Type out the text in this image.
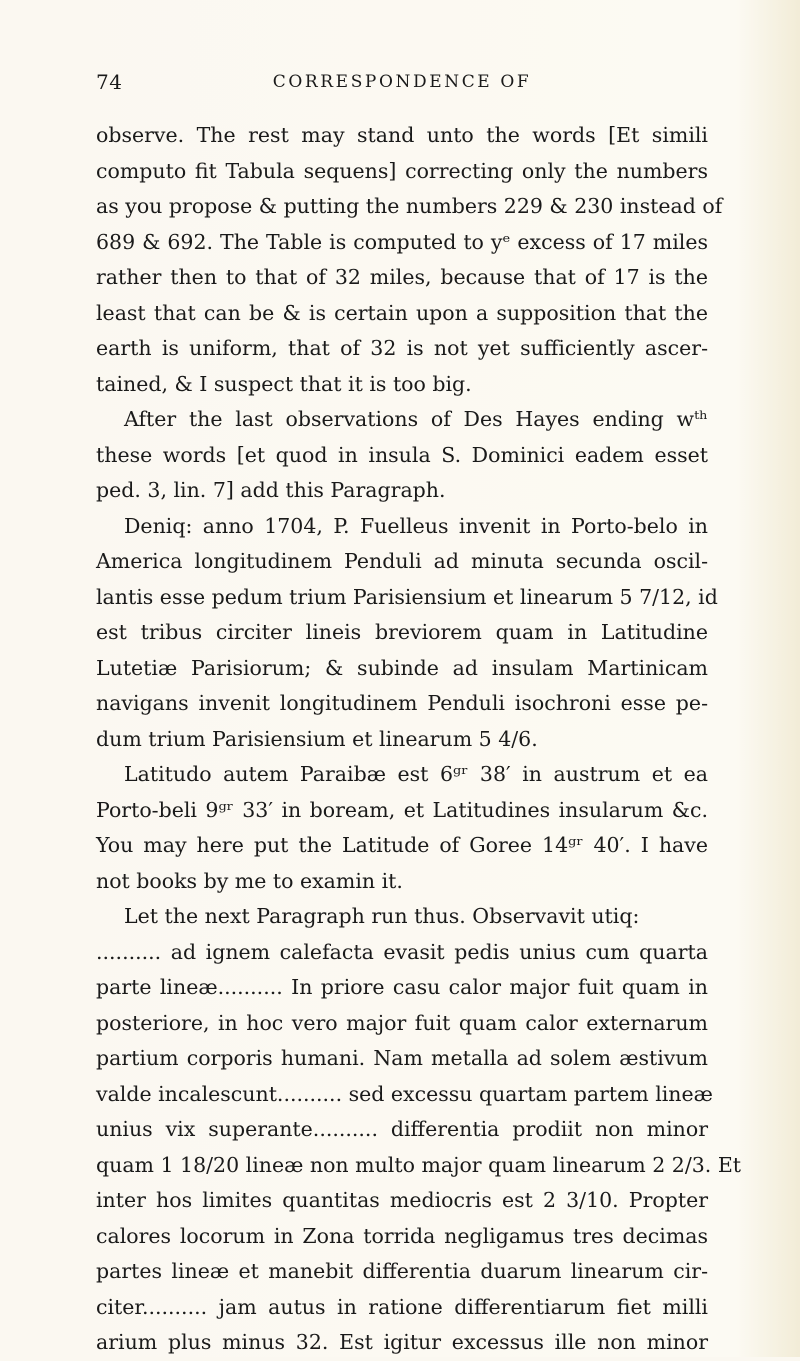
74	CORRESPONDENCE OF
observe. The rest may stand unto the words [Et simili
computo fit Tabula sequens] correcting only the numbers
as you propose & putting the numbers 229 & 230 instead of
689 & 692. The Table is computed to yᵉ excess of 17 miles
rather then to that of 32 miles, because that of 17 is the
least that can be & is certain upon a supposition that the
earth is uniform, that of 32 is not yet sufficiently ascer-
tained, & I suspect that it is too big.
After the last observations of Des Hayes ending wᵗʰ
these words [et quod in insula S. Dominici eadem esset
ped. 3, lin. 7] add this Paragraph.
Deniq: anno 1704, P. Fuelleus invenit in Porto-belo in
America longitudinem Penduli ad minuta secunda oscil-
lantis esse pedum trium Parisiensium et linearum 5 7/12, id
est tribus circiter lineis breviorem quam in Latitudine
Lutetiæ Parisiorum; & subinde ad insulam Martinicam
navigans invenit longitudinem Penduli isochroni esse pe-
dum trium Parisiensium et linearum 5 4/6.
Latitudo autem Paraibæ est 6ᵍʳ 38′ in austrum et ea
Porto-beli 9ᵍʳ 33′ in boream, et Latitudines insularum &c.
You may here put the Latitude of Goree 14ᵍʳ 40′. I have
not books by me to examin it.
Let the next Paragraph run thus. Observavit utiq:
.......... ad ignem calefacta evasit pedis unius cum quarta
parte lineæ.......... In priore casu calor major fuit quam in
posteriore, in hoc vero major fuit quam calor externarum
partium corporis humani. Nam metalla ad solem æstivum
valde incalescunt.......... sed excessu quartam partem lineæ
unius vix superante.......... differentia prodiit non minor
quam 1 18/20 lineæ non multo major quam linearum 2 2/3. Et
inter hos limites quantitas mediocris est 2 3/10. Propter
calores locorum in Zona torrida negligamus tres decimas
partes lineæ et manebit differentia duarum linearum cir-
citer.......... jam autus in ratione differentiarum fiet milli
arium plus minus 32. Est igitur excessus ille non minor
